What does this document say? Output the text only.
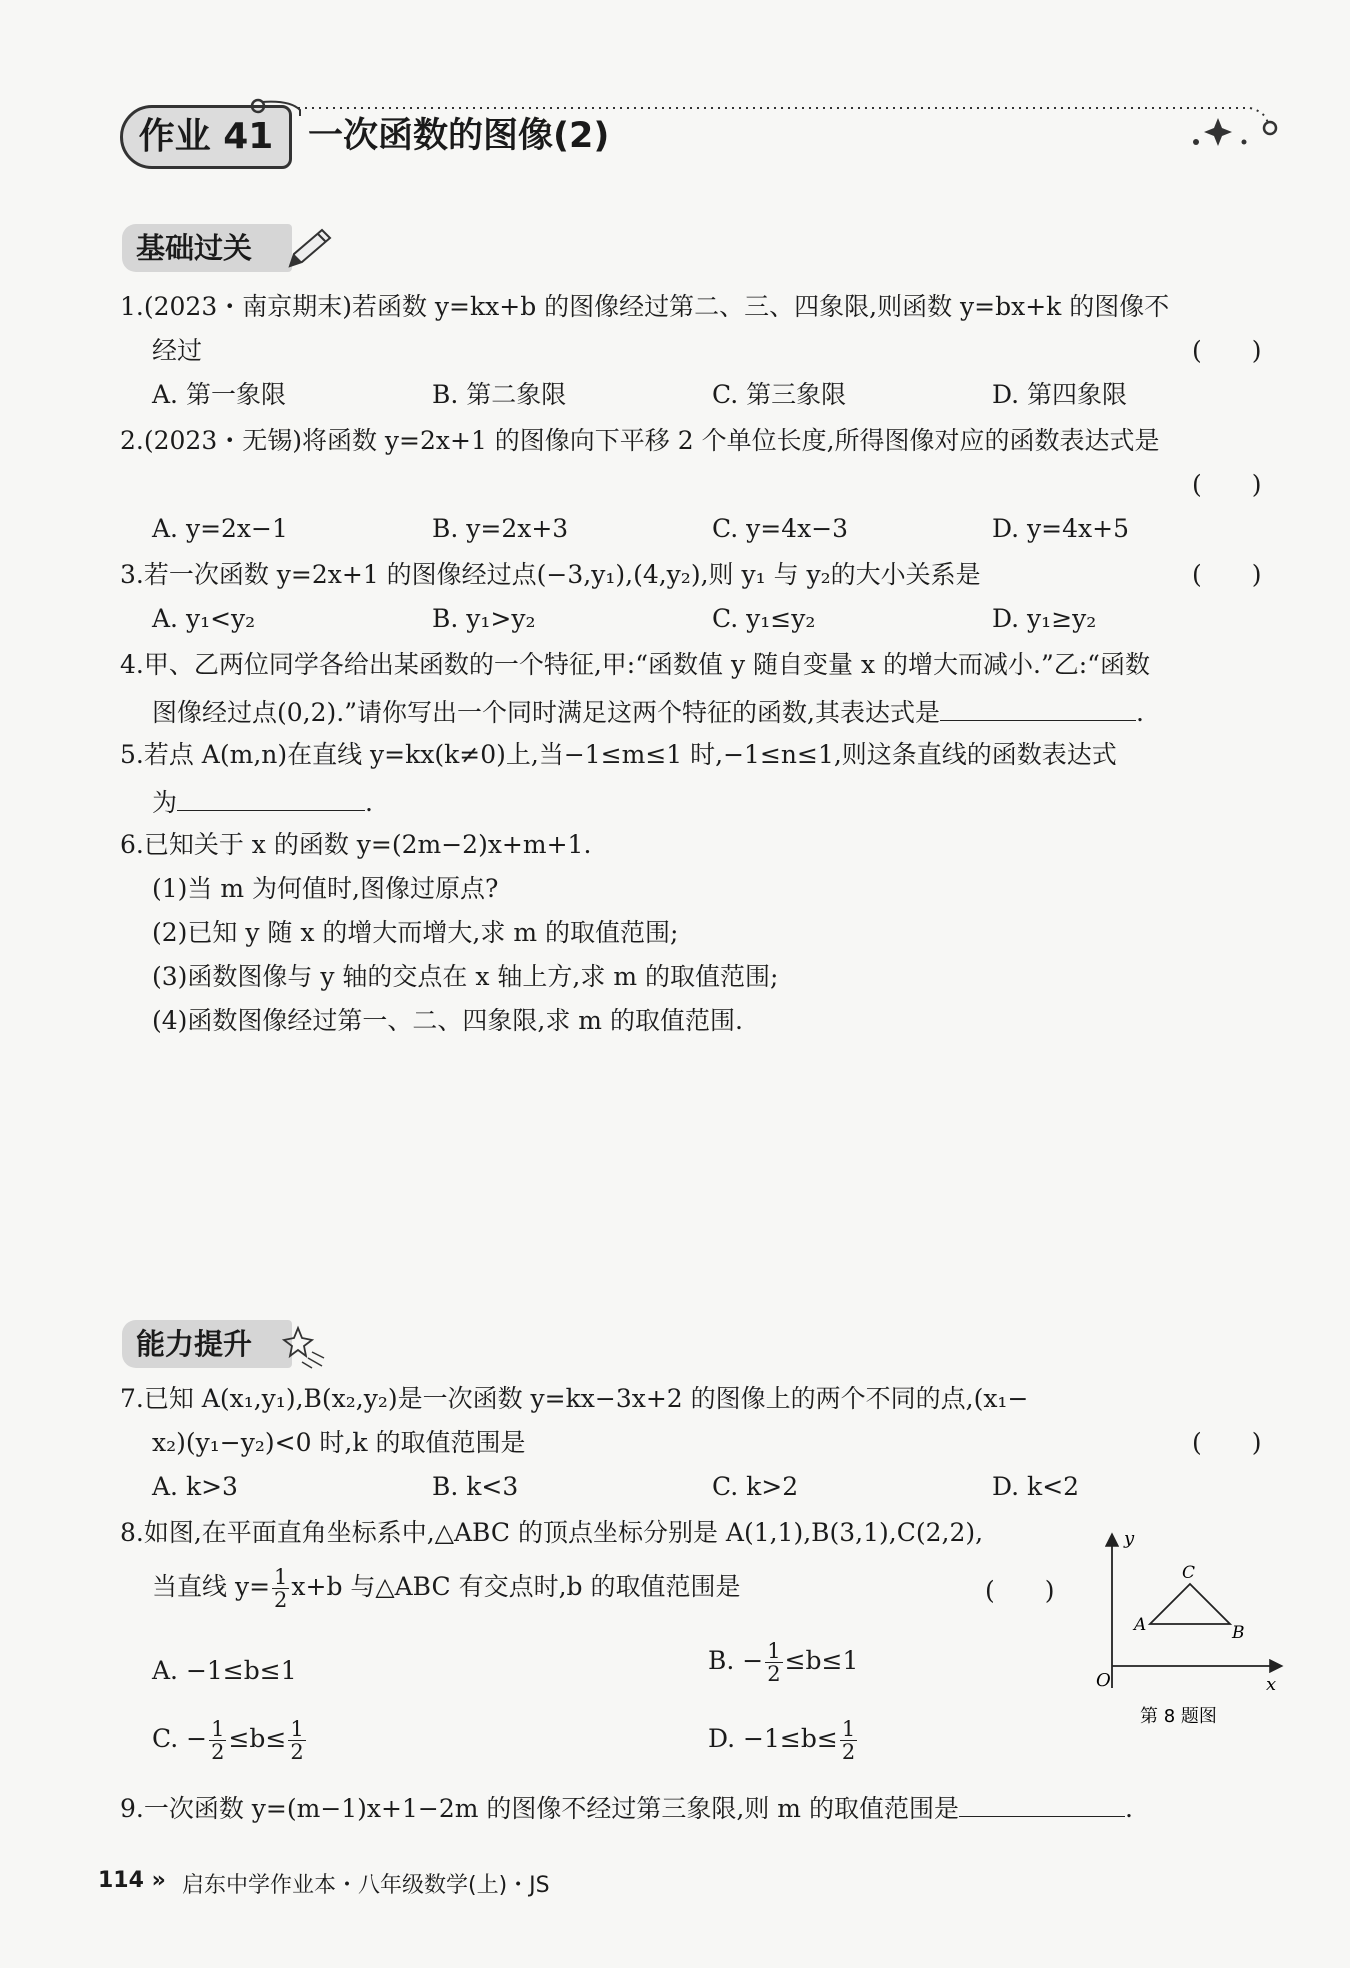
作业 41 一次函数的图像(2)
基础过关
1.(2023・南京期末)若函数 y=kx+b 的图像经过第二、三、四象限,则函数 y=bx+k 的图像不
经过	(　　)
A. 第一象限	B. 第二象限	C. 第三象限	D. 第四象限
2.(2023・无锡)将函数 y=2x+1 的图像向下平移 2 个单位长度,所得图像对应的函数表达式是
(　　)
A. y=2x−1	B. y=2x+3	C. y=4x−3	D. y=4x+5
3.若一次函数 y=2x+1 的图像经过点(−3,y₁),(4,y₂),则 y₁ 与 y₂的大小关系是	(　　)
A. y₁<y₂	B. y₁>y₂	C. y₁≤y₂	D. y₁≥y₂
4.甲、乙两位同学各给出某函数的一个特征,甲:“函数值 y 随自变量 x 的增大而减小.”乙:“函数
图像经过点(0,2).”请你写出一个同时满足这两个特征的函数,其表达式是	.
5.若点 A(m,n)在直线 y=kx(k≠0)上,当−1≤m≤1 时,−1≤n≤1,则这条直线的函数表达式
为	.
6.已知关于 x 的函数 y=(2m−2)x+m+1.
(1)当 m 为何值时,图像过原点?
(2)已知 y 随 x 的增大而增大,求 m 的取值范围;
(3)函数图像与 y 轴的交点在 x 轴上方,求 m 的取值范围;
(4)函数图像经过第一、二、四象限,求 m 的取值范围.
能力提升
7.已知 A(x₁,y₁),B(x₂,y₂)是一次函数 y=kx−3x+2 的图像上的两个不同的点,(x₁−
x₂)(y₁−y₂)<0 时,k 的取值范围是	(　　)
A. k>3	B. k<3	C. k>2	D. k<2
8.如图,在平面直角坐标系中,△ABC 的顶点坐标分别是 A(1,1),B(3,1),C(2,2),
当直线 $y= \frac{1}{2} x+b$ 与△ABC 有交点时,b 的取值范围是	(　　)
A. −1≤b≤1	B. − $\frac{1}{2} \le b\le 1$
C. − $\frac{1}{2} \le b\le \frac{1}{2}$	D. $-1\le b\le \frac{1}{2}$
y
x
O
A	B
C
第 8 题图
9.一次函数 y=(m−1)x+1−2m 的图像不经过第三象限,则 m 的取值范围是	.
114 » 启东中学作业本・八年级数学(上)・JS
